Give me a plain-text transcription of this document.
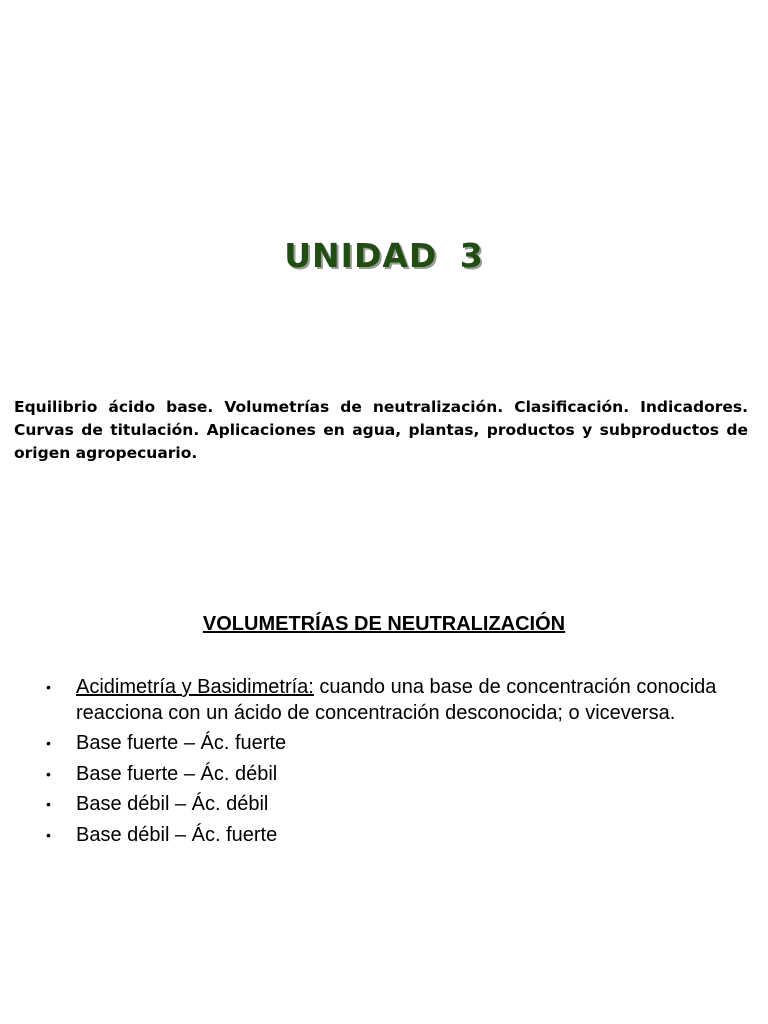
UNIDAD 3

Equilibrio ácido base. Volumetrías de neutralización. Clasificación. Indicadores. Curvas de titulación. Aplicaciones en agua, plantas, productos y subproductos de origen agropecuario.

VOLUMETRÍAS DE NEUTRALIZACIÓN
•	Acidimetría y Basidimetría: cuando una base de concentración conocida reacciona con un ácido de concentración desconocida; o viceversa.
•	Base fuerte – Ác. fuerte
•	Base fuerte – Ác. débil
•	Base débil – Ác. débil
•	Base débil – Ác. fuerte
